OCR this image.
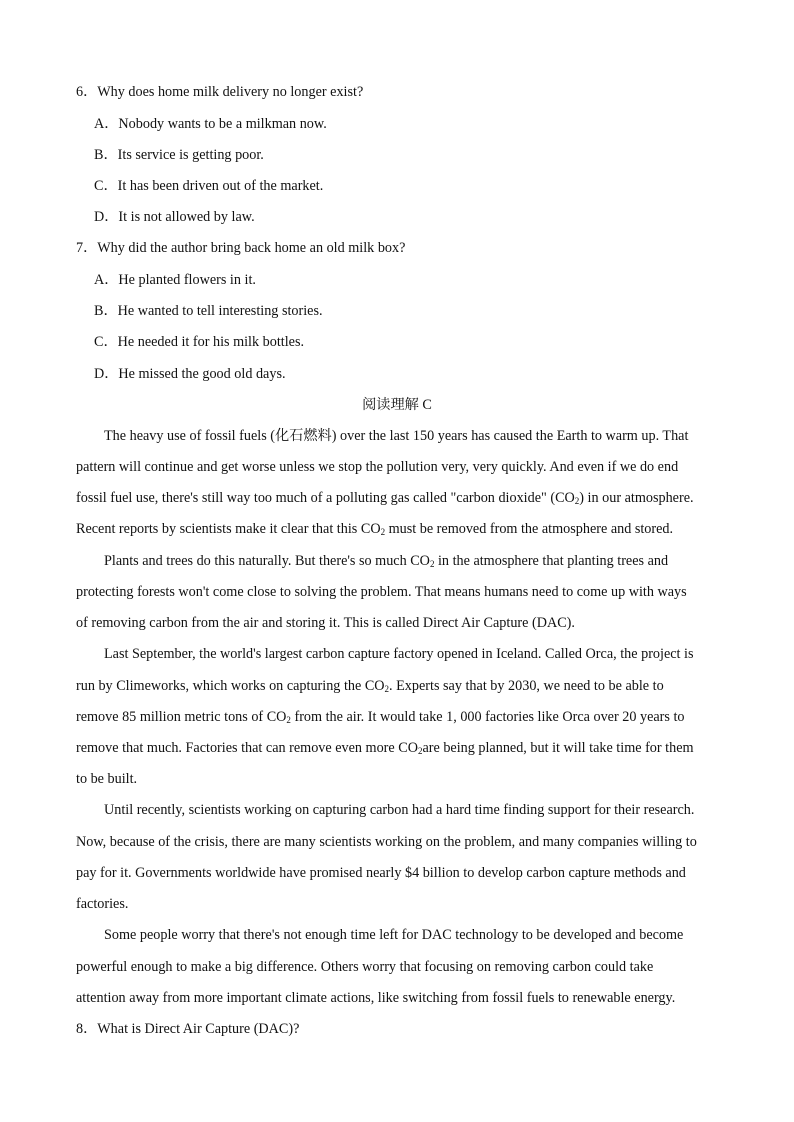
6．Why does home milk delivery no longer exist?
A．Nobody wants to be a milkman now.
B．Its service is getting poor.
C．It has been driven out of the market.
D．It is not allowed by law.
7．Why did the author bring back home an old milk box?
A．He planted flowers in it.
B．He wanted to tell interesting stories.
C．He needed it for his milk bottles.
D．He missed the good old days.
阅读理解 C
The heavy use of fossil fuels (化石燃料) over the last 150 years has caused the Earth to warm up. That
pattern will continue and get worse unless we stop the pollution very, very quickly. And even if we do end
fossil fuel use, there's still way too much of a polluting gas called "carbon dioxide" $(CO_2)$ in our atmosphere.
Recent reports by scientists make it clear that this $CO_2$ must be removed from the atmosphere and stored.
Plants and trees do this naturally. But there's so much $CO_2$ in the atmosphere that planting trees and
protecting forests won't come close to solving the problem. That means humans need to come up with ways
of removing carbon from the air and storing it. This is called Direct Air Capture (DAC).
Last September, the world's largest carbon capture factory opened in Iceland. Called Orca, the project is
run by Climeworks, which works on capturing the $CO_2$. Experts say that by 2030, we need to be able to
remove 85 million metric tons of $CO_2$ from the air. It would take 1, 000 factories like Orca over 20 years to
remove that much. Factories that can remove even more $CO_2are$ being planned, but it will take time for them
to be built.
Until recently, scientists working on capturing carbon had a hard time finding support for their research.
Now, because of the crisis, there are many scientists working on the problem, and many companies willing to
pay for it. Governments worldwide have promised nearly $4 billion to develop carbon capture methods and
factories.
Some people worry that there's not enough time left for DAC technology to be developed and become
powerful enough to make a big difference. Others worry that focusing on removing carbon could take
attention away from more important climate actions, like switching from fossil fuels to renewable energy.
8．What is Direct Air Capture (DAC)?
